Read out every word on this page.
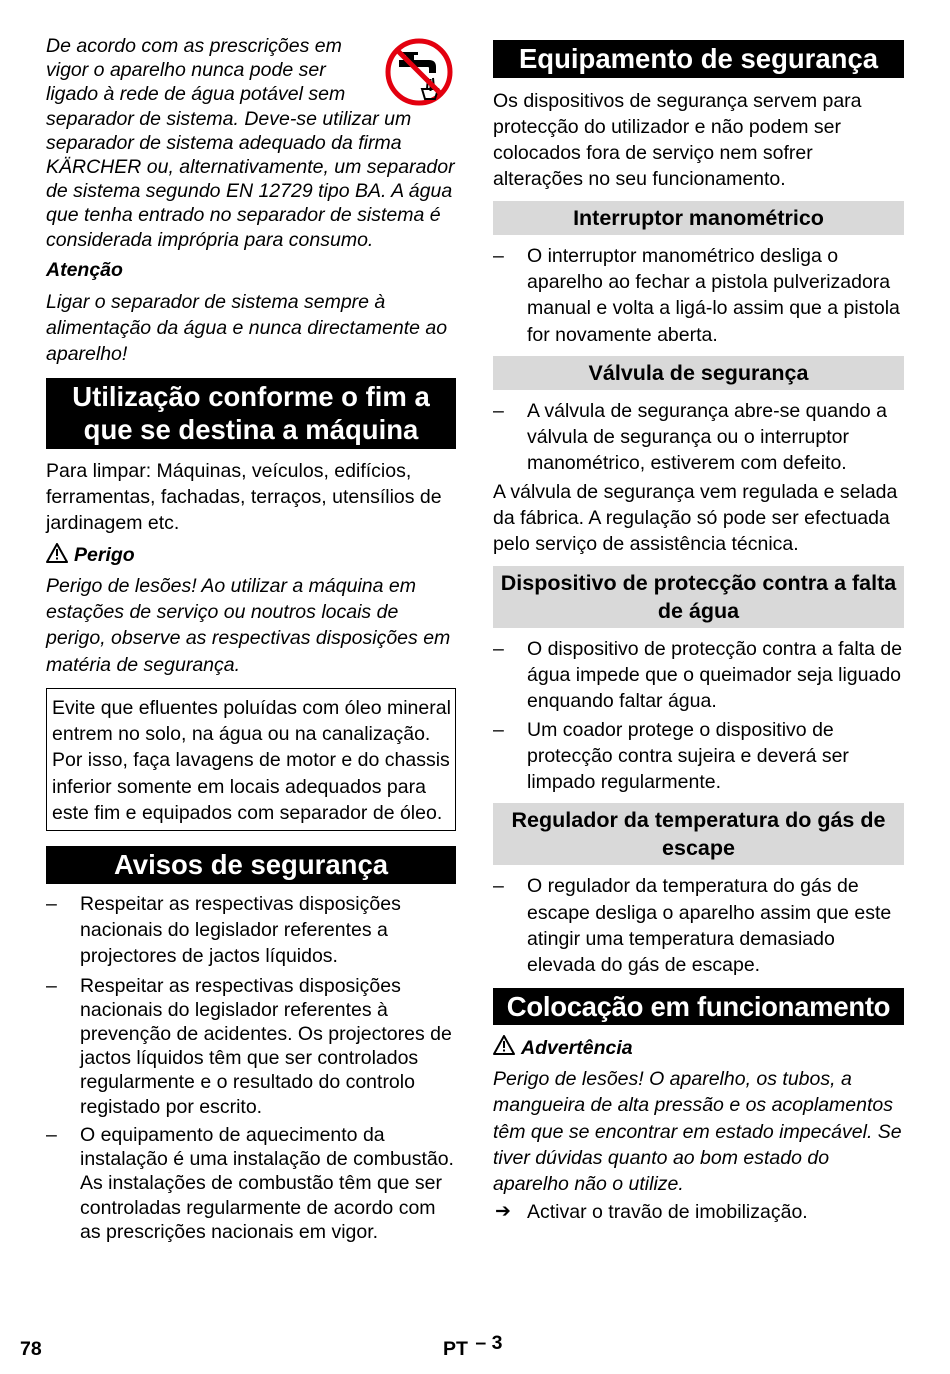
De acordo com as prescrições em vigor o aparelho nunca pode ser ligado à rede de água potável sem separador de sistema. Deve-se utilizar um separador de sistema adequado da firma KÄRCHER ou, alternativamente, um separador de sistema segundo EN 12729 tipo BA. A água que tenha entrado no separador de sistema é considerada imprópria para consumo.

Atenção

Ligar o separador de sistema sempre à alimentação da água e nunca directamente ao aparelho!

Utilização conforme o fim a que se destina a máquina

Para limpar: Máquinas, veículos, edifícios, ferramentas, fachadas, terraços, utensílios de jardinagem etc.

Perigo

Perigo de lesões! Ao utilizar a máquina em estações de serviço ou noutros locais de perigo, observe as respectivas disposições em matéria de segurança.

Evite que efluentes poluídas com óleo mineral entrem no solo, na água ou na canalização. Por isso, faça lavagens de motor e do chassis inferior somente em locais adequados para este fim e equipados com separador de óleo.
Avisos de segurança
– Respeitar as respectivas disposições nacionais do legislador referentes a projectores de jactos líquidos.
– Respeitar as respectivas disposições nacionais do legislador referentes à prevenção de acidentes. Os projectores de jactos líquidos têm que ser controlados regularmente e o resultado do controlo registado por escrito.
– O equipamento de aquecimento da instalação é uma instalação de combustão. As instalações de combustão têm que ser controladas regularmente de acordo com as prescrições nacionais em vigor.
Equipamento de segurança

Os dispositivos de segurança servem para protecção do utilizador e não podem ser colocados fora de serviço nem sofrer alterações no seu funcionamento.

Interruptor manométrico
– O interruptor manométrico desliga o aparelho ao fechar a pistola pulverizadora manual e volta a ligá-lo assim que a pistola for novamente aberta.
Válvula de segurança
– A válvula de segurança abre-se quando a válvula de segurança ou o interruptor manométrico, estiverem com defeito.

A válvula de segurança vem regulada e selada da fábrica. A regulação só pode ser efectuada pelo serviço de assistência técnica.

Dispositivo de protecção contra a falta de água
– O dispositivo de protecção contra a falta de água impede que o queimador seja liguado enquando faltar água.
– Um coador protege o dispositivo de protecção contra sujeira e deverá ser limpado regularmente.
Regulador da temperatura do gás de escape
– O regulador da temperatura do gás de escape desliga o aparelho assim que este atingir uma temperatura demasiado elevada do gás de escape.
Colocação em funcionamento
Advertência

Perigo de lesões! O aparelho, os tubos, a mangueira de alta pressão e os acoplamentos têm que se encontrar em estado impecável. Se tiver dúvidas quanto ao bom estado do aparelho não o utilize.

➔ Activar o travão de imobilização.
78	PT – 3
